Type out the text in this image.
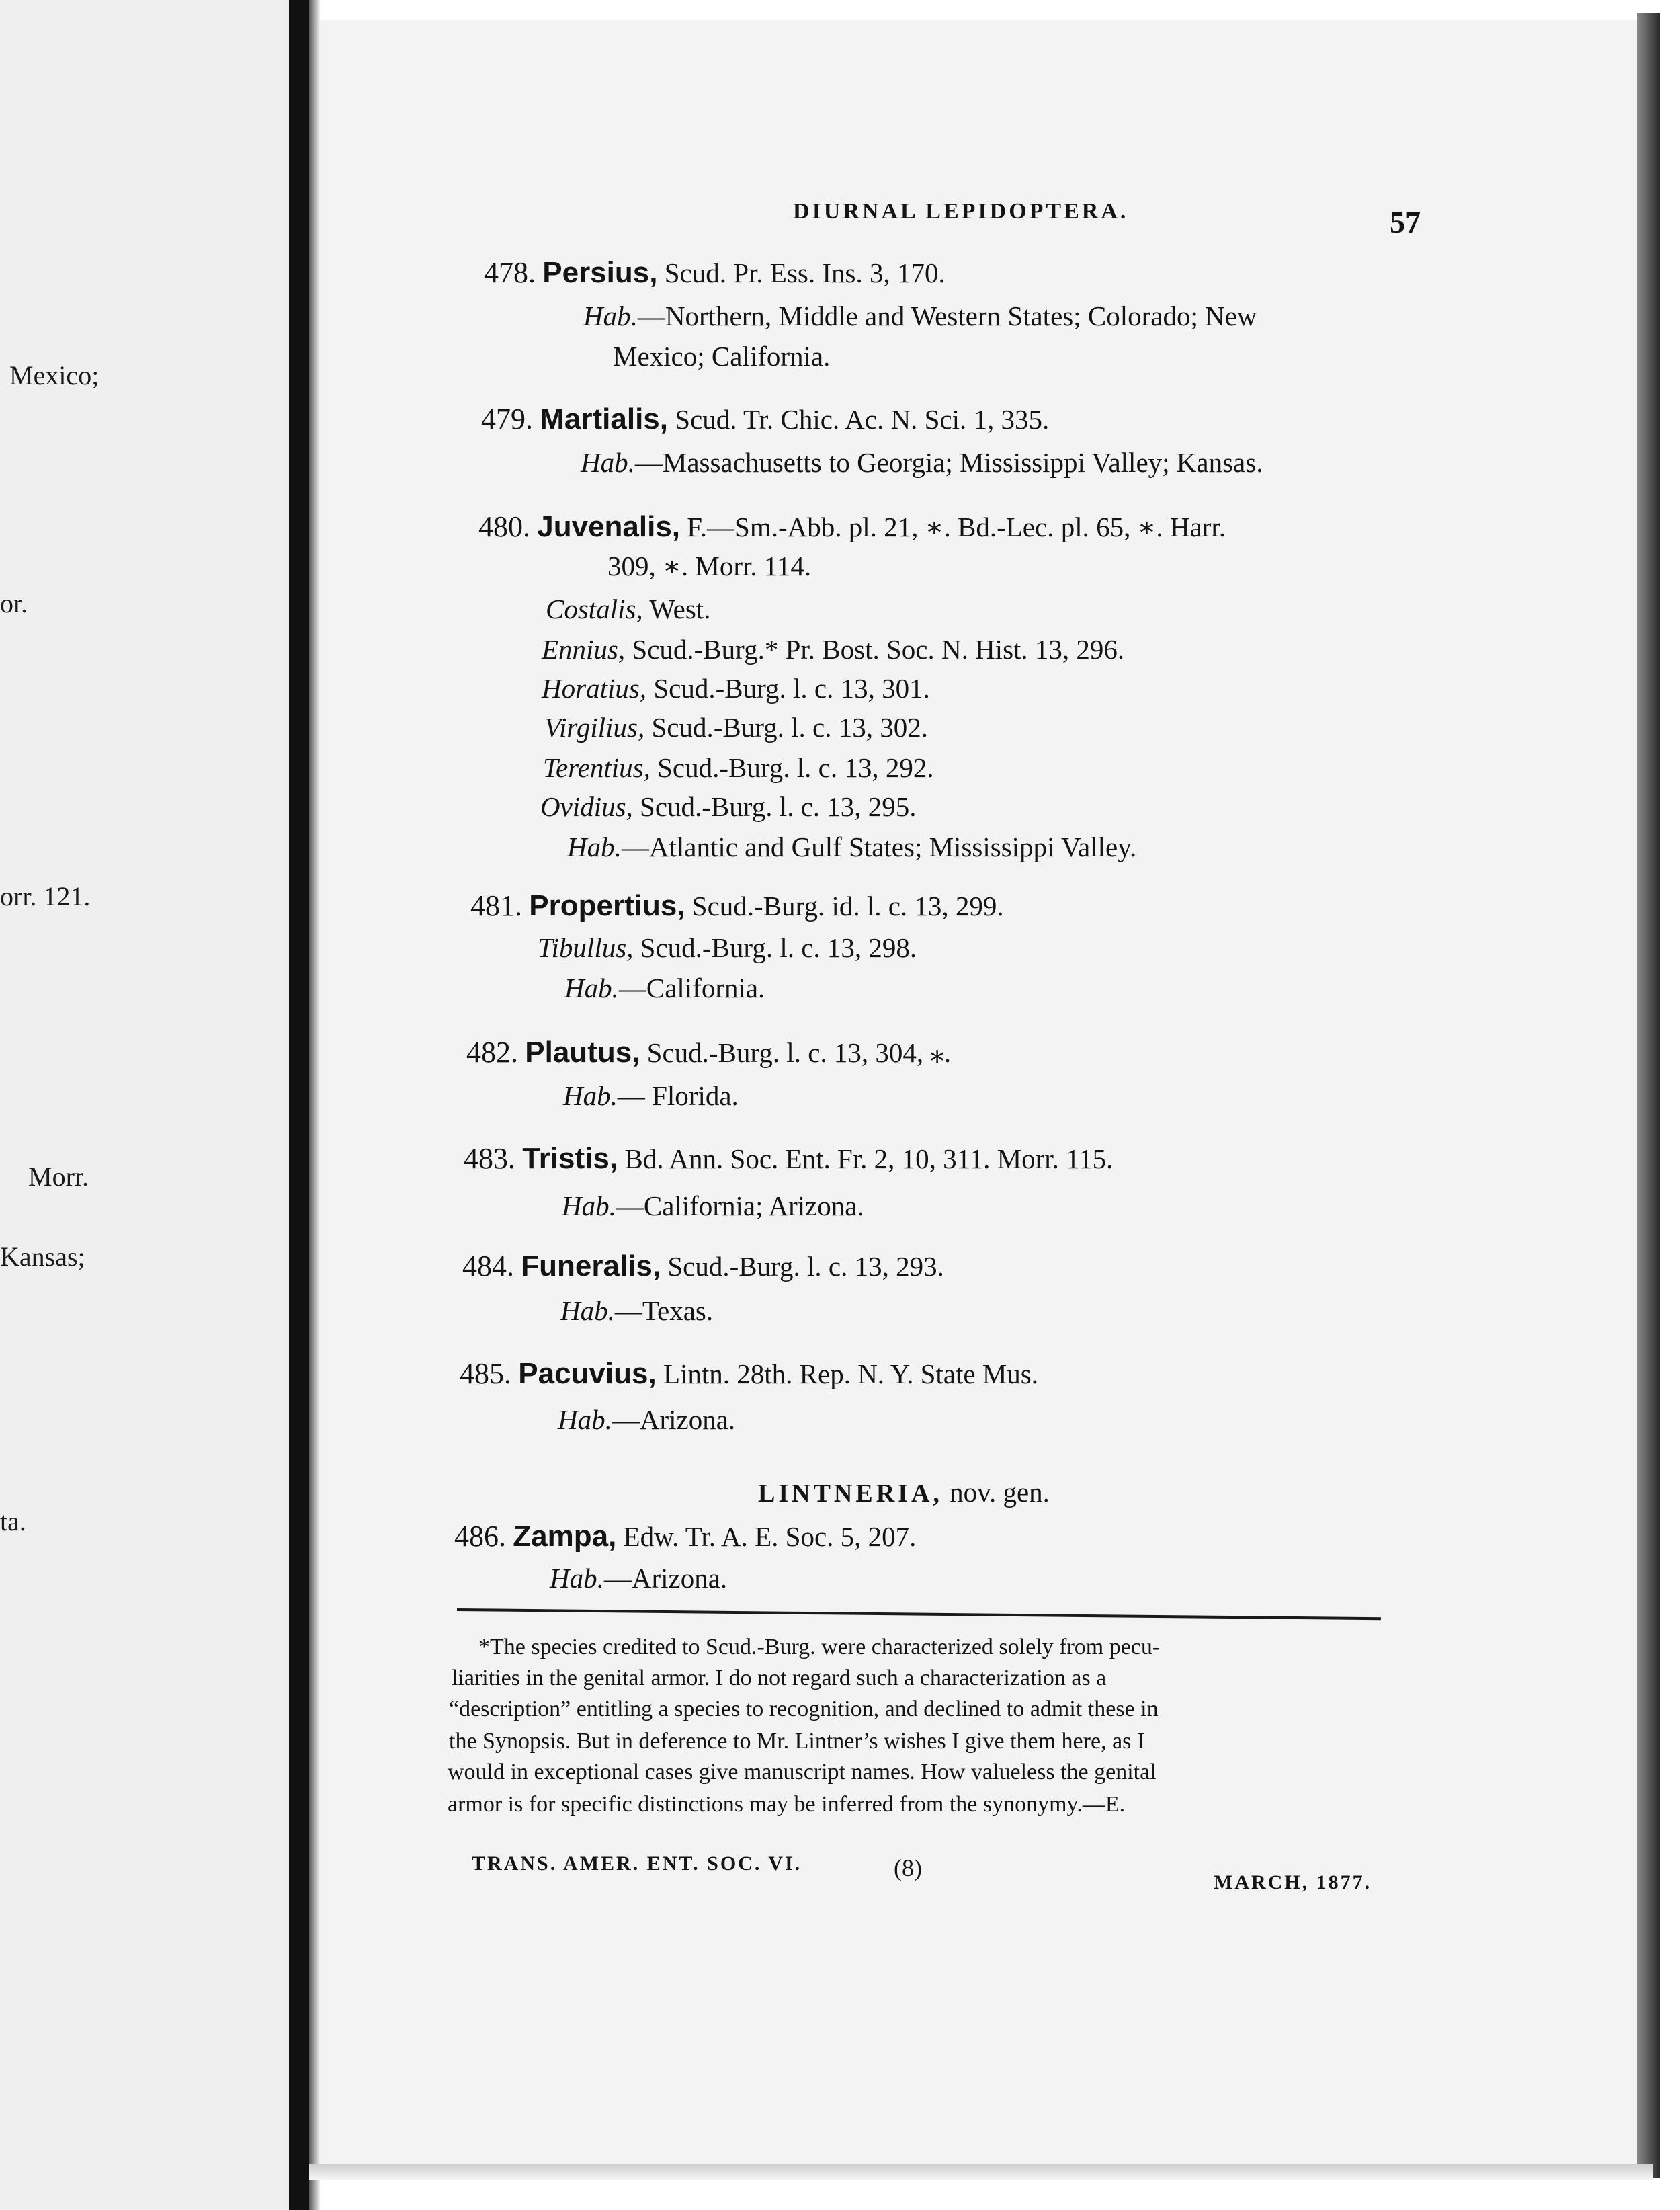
Mexico;
or.
orr. 121.
Morr.
Kansas;
ta.
DIURNAL LEPIDOPTERA.	57
478. Persius, Scud. Pr. Ess. Ins. 3, 170.
Hab.—Northern, Middle and Western States; Colorado; New
Mexico; California.
479. Martialis, Scud. Tr. Chic. Ac. N. Sci. 1, 335.
Hab.—Massachusetts to Georgia; Mississippi Valley; Kansas.
480. Juvenalis, F.—Sm.-Abb. pl. 21, ∗. Bd.-Lec. pl. 65, ∗. Harr.
309, ∗. Morr. 114.
Costalis, West.
Ennius, Scud.-Burg.* Pr. Bost. Soc. N. Hist. 13, 296.
Horatius, Scud.-Burg. l. c. 13, 301.
Virgilius, Scud.-Burg. l. c. 13, 302.
Terentius, Scud.-Burg. l. c. 13, 292.
Ovidius, Scud.-Burg. l. c. 13, 295.
Hab.—Atlantic and Gulf States; Mississippi Valley.
481. Propertius, Scud.-Burg. id. l. c. 13, 299.
Tibullus, Scud.-Burg. l. c. 13, 298.
Hab.—California.
482. Plautus, Scud.-Burg. l. c. 13, 304, ⁎.
Hab.— Florida.
483. Tristis, Bd. Ann. Soc. Ent. Fr. 2, 10, 311. Morr. 115.
Hab.—California; Arizona.
484. Funeralis, Scud.-Burg. l. c. 13, 293.
Hab.—Texas.
485. Pacuvius, Lintn. 28th. Rep. N. Y. State Mus.
Hab.—Arizona.
LINTNERIA, nov. gen.
486. Zampa, Edw. Tr. A. E. Soc. 5, 207.
Hab.—Arizona.
*The species credited to Scud.-Burg. were characterized solely from pecu-
liarities in the genital armor. I do not regard such a characterization as a
“description” entitling a species to recognition, and declined to admit these in
the Synopsis. But in deference to Mr. Lintner’s wishes I give them here, as I
would in exceptional cases give manuscript names. How valueless the genital
armor is for specific distinctions may be inferred from the synonymy.—E.
TRANS. AMER. ENT. SOC. VI.	(8)
MARCH, 1877.
